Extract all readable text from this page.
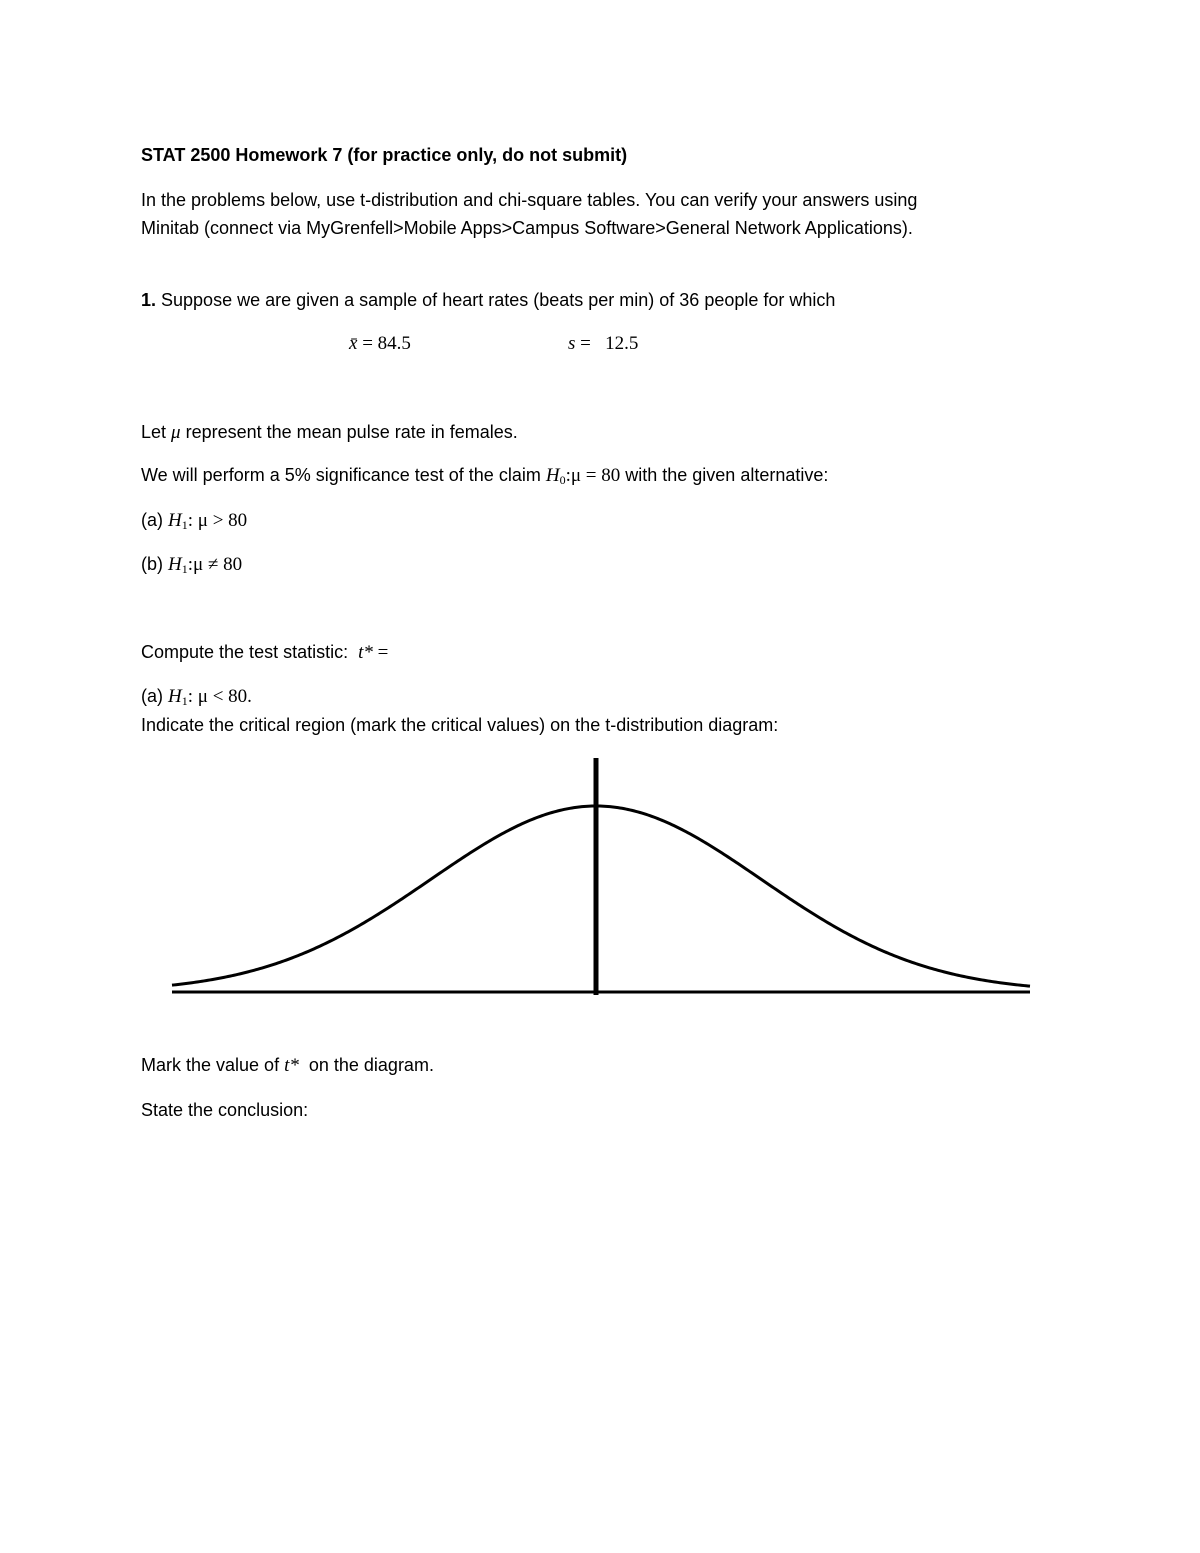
STAT 2500 Homework 7 (for practice only, do not submit)
In the problems below, use t-distribution and chi-square tables. You can verify your answers using
Minitab (connect via MyGrenfell>Mobile Apps>Campus Software>General Network Applications).
1. Suppose we are given a sample of heart rates (beats per min) of 36 people for which
x̄ = 84.5	s =   12.5
Let μ represent the mean pulse rate in females.
We will perform a 5% significance test of the claim $H_0:\mu = 80$ with the given alternative:
(a) $H_1$: μ > 80
(b) $H_1:\mu \ne 80$
Compute the test statistic:  t* =
(a) $H_1$: μ < 80.
Indicate the critical region (mark the critical values) on the t-distribution diagram:
Mark the value of t*  on the diagram.
State the conclusion:
